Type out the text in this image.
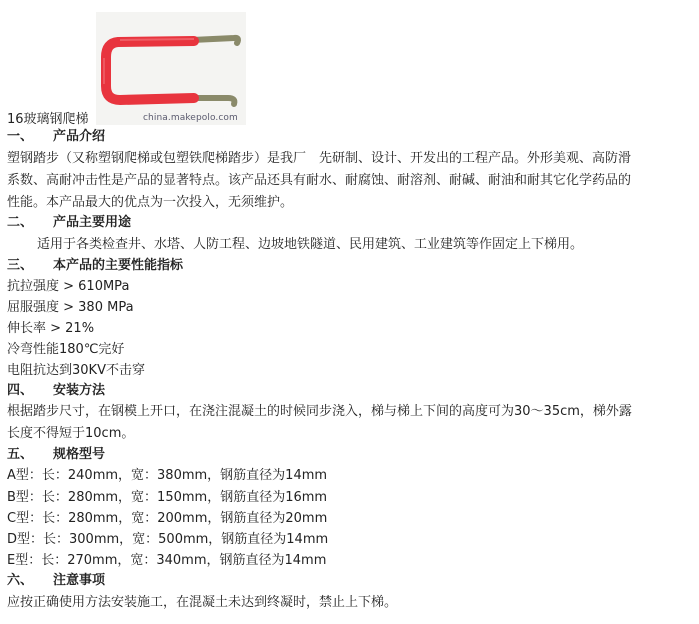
china.makepolo.com
16玻璃钢爬梯
一、 产品介绍
塑钢踏步（又称塑钢爬梯或包塑铁爬梯踏步）是我厂　先研制、设计、开发出的工程产品。外形美观、高防滑
系数、高耐冲击性是产品的显著特点。该产品还具有耐水、耐腐蚀、耐溶剂、耐碱、耐油和耐其它化学药品的
性能。本产品最大的优点为一次投入，无须维护。
二、 产品主要用途
适用于各类检查井、水塔、人防工程、边坡地铁隧道、民用建筑、工业建筑等作固定上下梯用。
三、 本产品的主要性能指标
抗拉强度 > 610MPa
屈服强度 > 380 MPa
伸长率 > 21%
冷弯性能180℃完好
电阻抗达到30KV不击穿
四、 安装方法
根据踏步尺寸，在钢模上开口，在浇注混凝土的时候同步浇入，梯与梯上下间的高度可为30～35cm，梯外露
长度不得短于10cm。
五、 规格型号
A型：长：240mm，宽：380mm，钢筋直径为14mm
B型：长：280mm，宽：150mm，钢筋直径为16mm
C型：长：280mm，宽：200mm，钢筋直径为20mm
D型：长：300mm，宽：500mm，钢筋直径为14mm
E型：长：270mm，宽：340mm，钢筋直径为14mm
六、 注意事项
应按正确使用方法安装施工，在混凝土未达到终凝时，禁止上下梯。
